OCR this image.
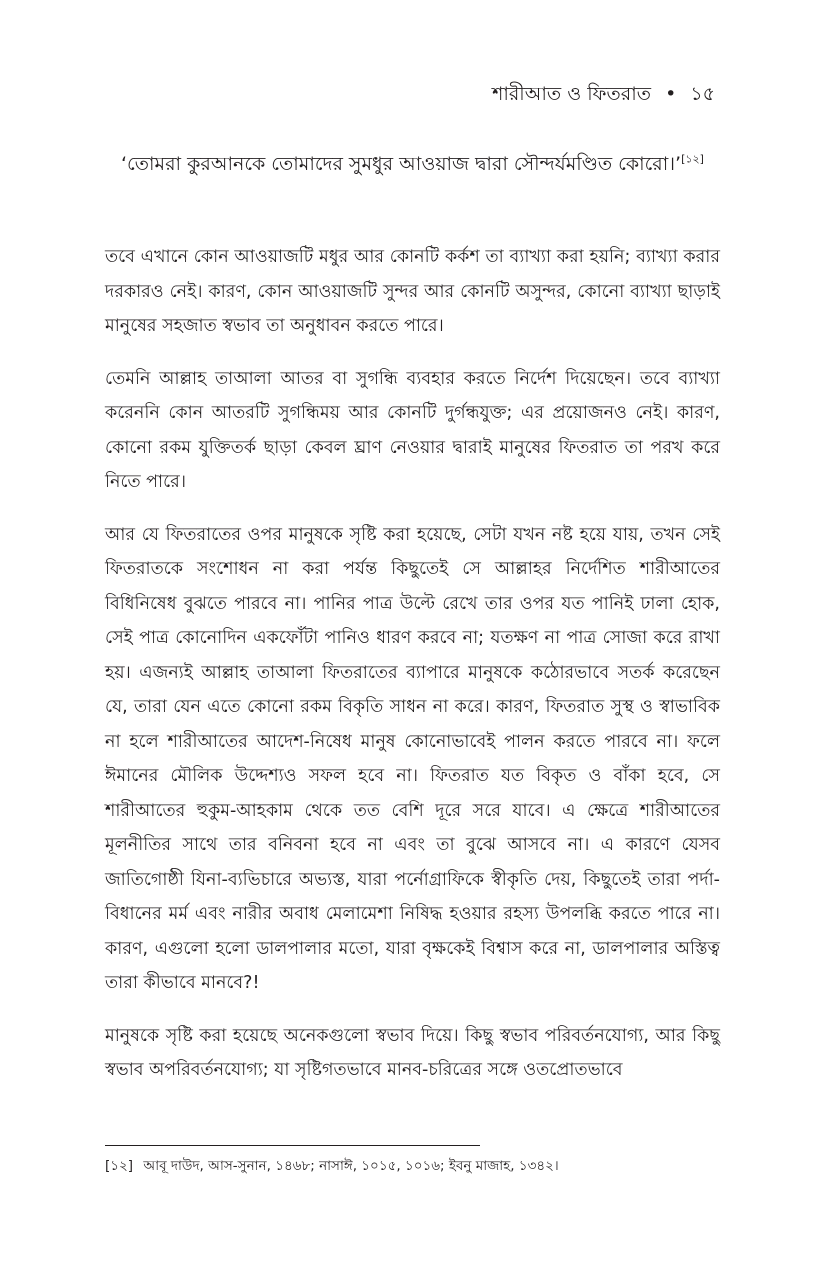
শারীআত ও ফিতরাত • ১৫
‘তোমরা কুরআনকে তোমাদের সুমধুর আওয়াজ দ্বারা সৌন্দর্যমণ্ডিত কোরো।’[১২]

তবে এখানে কোন আওয়াজটি মধুর আর কোনটি কর্কশ তা ব্যাখ্যা করা হয়নি; ব্যাখ্যা করার দরকারও নেই। কারণ, কোন আওয়াজটি সুন্দর আর কোনটি অসুন্দর, কোনো ব্যাখ্যা ছাড়াই মানুষের সহজাত স্বভাব তা অনুধাবন করতে পারে।

তেমনি আল্লাহ তাআলা আতর বা সুগন্ধি ব্যবহার করতে নির্দেশ দিয়েছেন। তবে ব্যাখ্যা করেননি কোন আতরটি সুগন্ধিময় আর কোনটি দুর্গন্ধযুক্ত; এর প্রয়োজনও নেই। কারণ, কোনো রকম যুক্তিতর্ক ছাড়া কেবল ঘ্রাণ নেওয়ার দ্বারাই মানুষের ফিতরাত তা পরখ করে নিতে পারে।

আর যে ফিতরাতের ওপর মানুষকে সৃষ্টি করা হয়েছে, সেটা যখন নষ্ট হয়ে যায়, তখন সেই ফিতরাতকে সংশোধন না করা পর্যন্ত কিছুতেই সে আল্লাহর নির্দেশিত শারীআতের বিধিনিষেধ বুঝতে পারবে না। পানির পাত্র উল্টে রেখে তার ওপর যত পানিই ঢালা হোক, সেই পাত্র কোনোদিন একফোঁটা পানিও ধারণ করবে না; যতক্ষণ না পাত্র সোজা করে রাখা হয়। এজন্যই আল্লাহ তাআলা ফিতরাতের ব্যাপারে মানুষকে কঠোরভাবে সতর্ক করেছেন যে, তারা যেন এতে কোনো রকম বিকৃতি সাধন না করে। কারণ, ফিতরাত সুস্থ ও স্বাভাবিক না হলে শারীআতের আদেশ-নিষেধ মানুষ কোনোভাবেই পালন করতে পারবে না। ফলে ঈমানের মৌলিক উদ্দেশ্যও সফল হবে না। ফিতরাত যত বিকৃত ও বাঁকা হবে, সে শারীআতের হুকুম-আহকাম থেকে তত বেশি দূরে সরে যাবে। এ ক্ষেত্রে শারীআতের মূলনীতির সাথে তার বনিবনা হবে না এবং তা বুঝে আসবে না। এ কারণে যেসব জাতিগোষ্ঠী যিনা-ব্যভিচারে অভ্যস্ত, যারা পর্নোগ্রাফিকে স্বীকৃতি দেয়, কিছুতেই তারা পর্দা-বিধানের মর্ম এবং নারীর অবাধ মেলামেশা নিষিদ্ধ হওয়ার রহস্য উপলব্ধি করতে পারে না। কারণ, এগুলো হলো ডালপালার মতো, যারা বৃক্ষকেই বিশ্বাস করে না, ডালপালার অস্তিত্ব তারা কীভাবে মানবে?!

মানুষকে সৃষ্টি করা হয়েছে অনেকগুলো স্বভাব দিয়ে। কিছু স্বভাব পরিবর্তনযোগ্য, আর কিছু স্বভাব অপরিবর্তনযোগ্য; যা সৃষ্টিগতভাবে মানব-চরিত্রের সঙ্গে ওতপ্রোতভাবে

[১২] আবূ দাউদ, আস-সুনান, ১৪৬৮; নাসাঈ, ১০১৫, ১০১৬; ইবনু মাজাহ, ১৩৪২।
